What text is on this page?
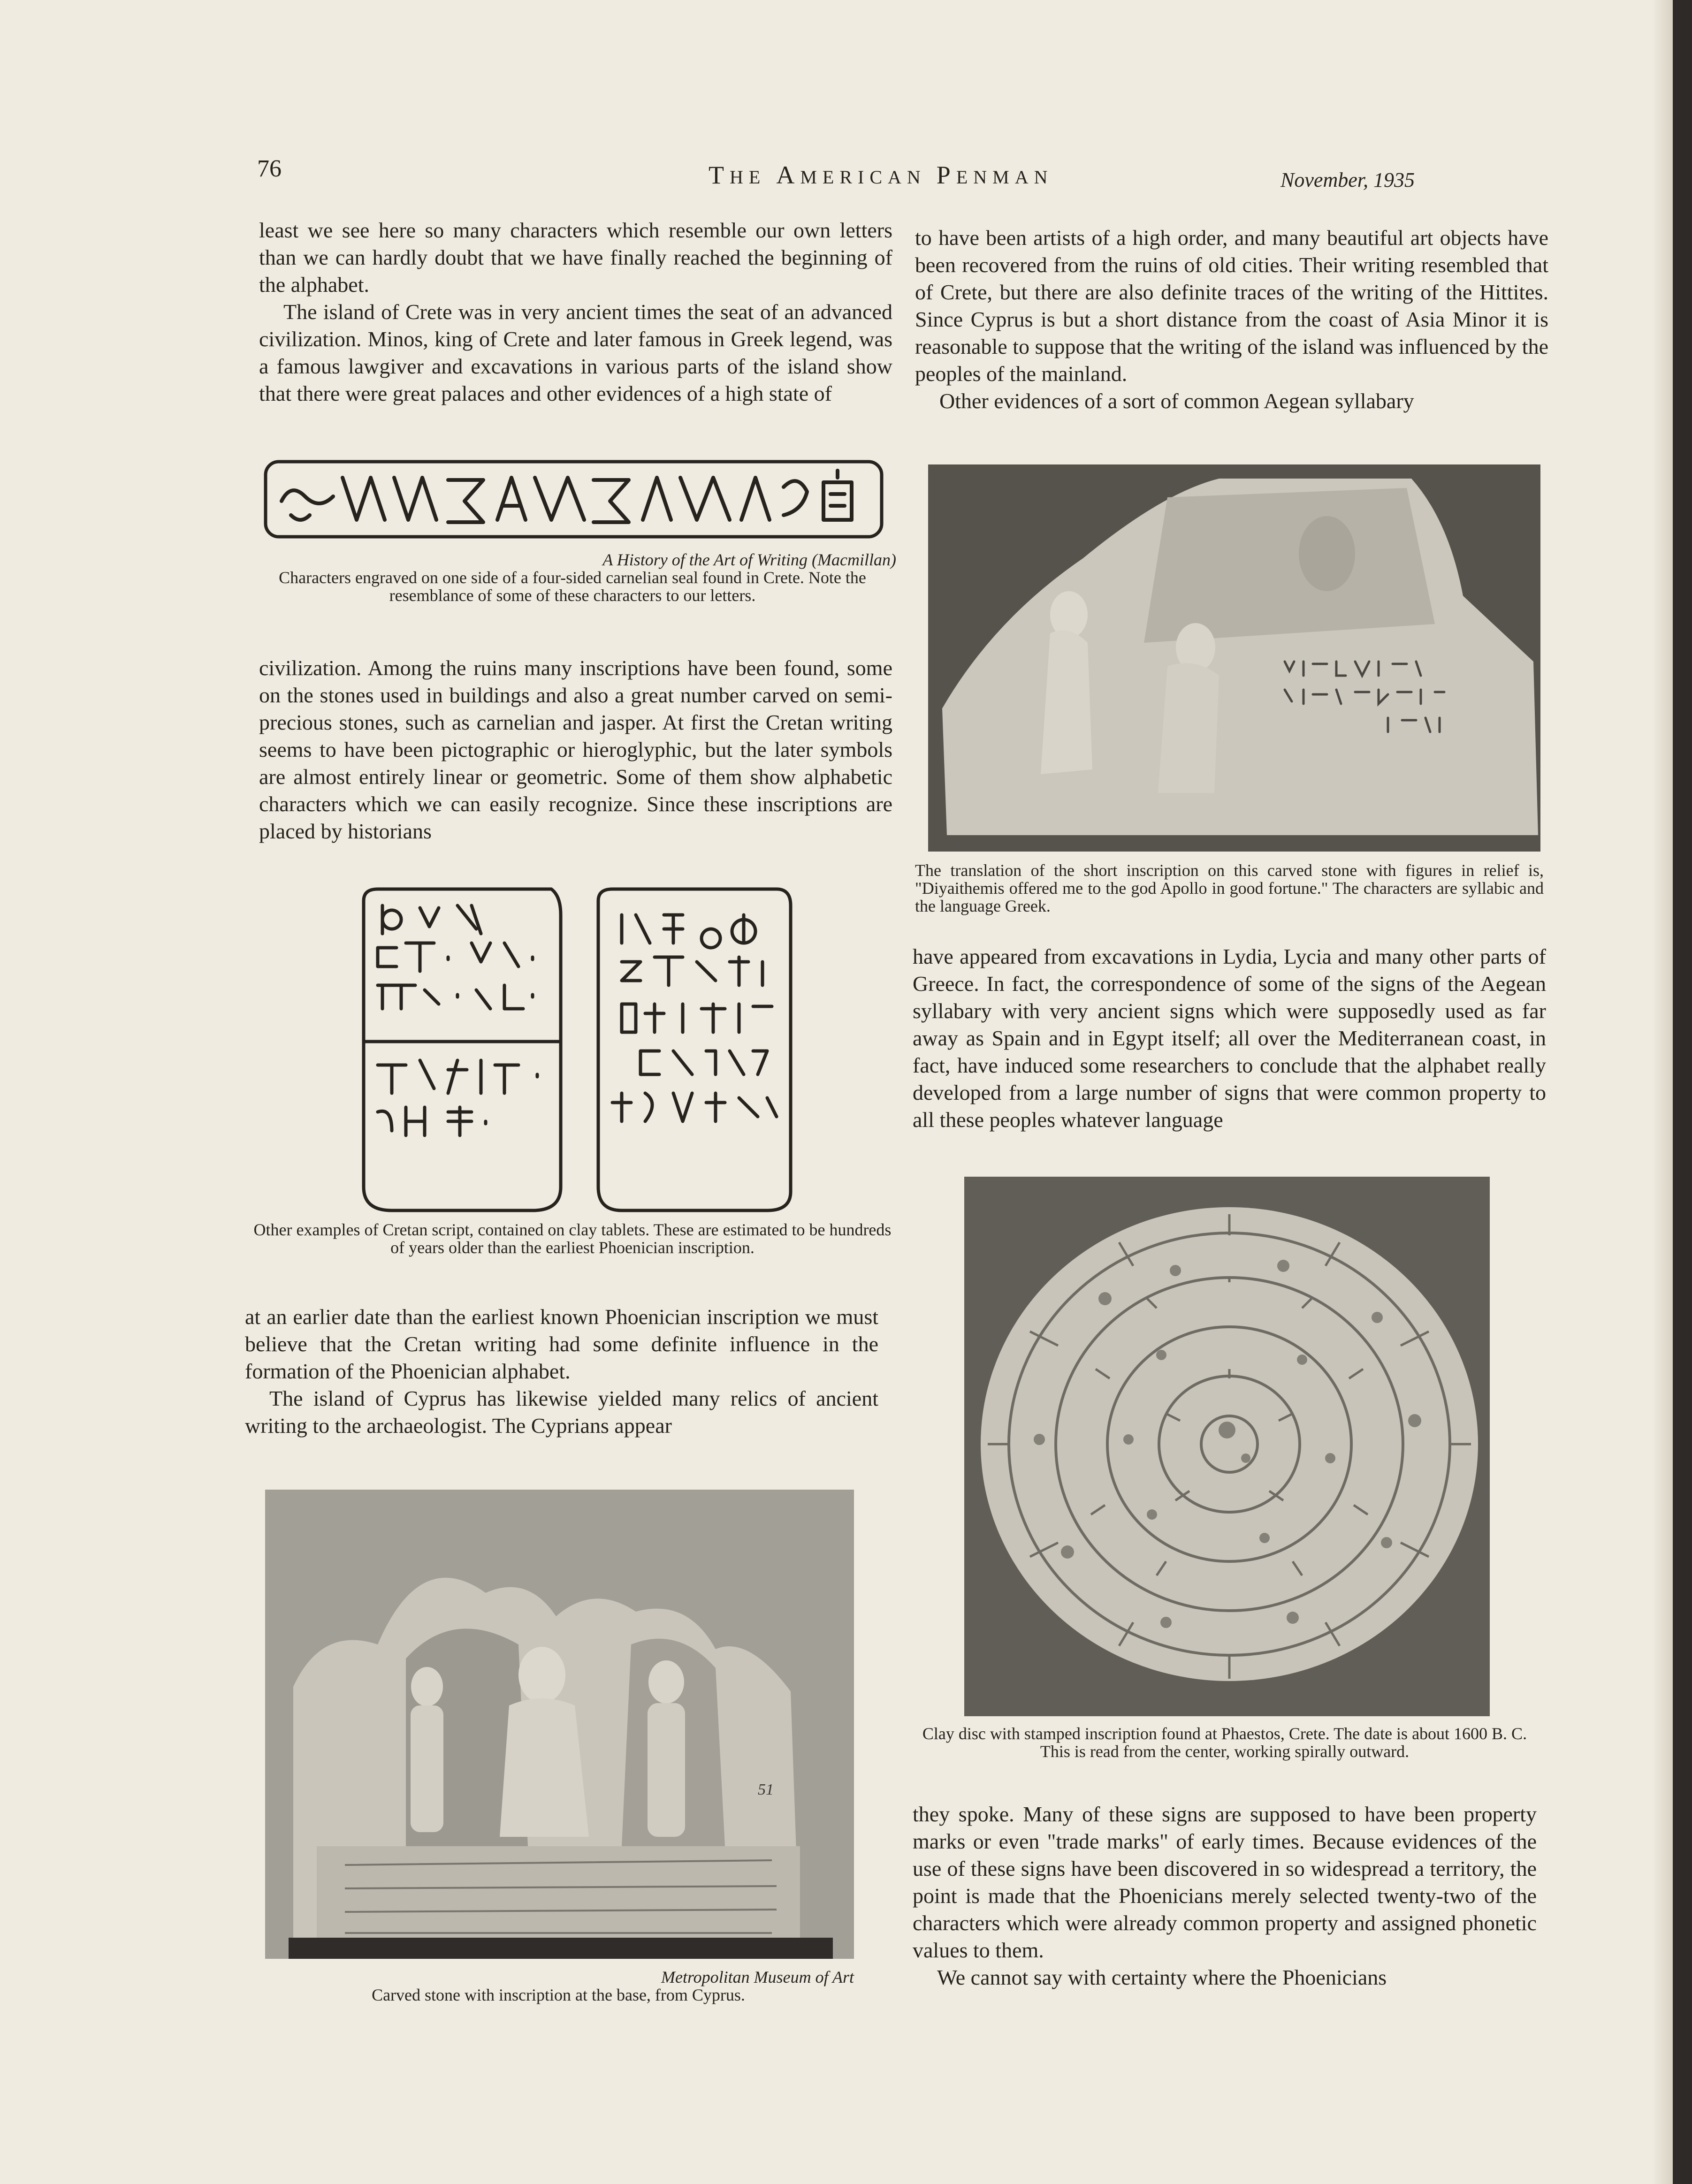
76	THE AMERICAN PENMAN	November, 1935

least we see here so many characters which resemble our own letters than we can hardly doubt that we have finally reached the beginning of the alphabet.

The island of Crete was in very ancient times the seat of an advanced civilization. Minos, king of Crete and later famous in Greek legend, was a famous lawgiver and excavations in various parts of the island show that there were great palaces and other evidences of a high state of

A History of the Art of Writing (Macmillan)
Characters engraved on one side of a four-sided carnelian seal found in Crete. Note the resemblance of some of these characters to our letters.

civilization. Among the ruins many inscriptions have been found, some on the stones used in buildings and also a great number carved on semi-precious stones, such as carnelian and jasper. At first the Cretan writing seems to have been pictographic or hieroglyphic, but the later symbols are almost entirely linear or geometric. Some of them show alphabetic characters which we can easily recognize. Since these inscriptions are placed by historians

Other examples of Cretan script, contained on clay tablets. These are estimated to be hundreds of years older than the earliest Phoenician inscription.

at an earlier date than the earliest known Phoenician inscription we must believe that the Cretan writing had some definite influence in the formation of the Phoenician alphabet.

The island of Cyprus has likewise yielded many relics of ancient writing to the archaeologist. The Cyprians appear

51
Metropolitan Museum of Art
Carved stone with inscription at the base, from Cyprus.

to have been artists of a high order, and many beautiful art objects have been recovered from the ruins of old cities. Their writing resembled that of Crete, but there are also definite traces of the writing of the Hittites. Since Cyprus is but a short distance from the coast of Asia Minor it is reasonable to suppose that the writing of the island was influenced by the peoples of the mainland.

Other evidences of a sort of common Aegean syllabary

The translation of the short inscription on this carved stone with figures in relief is, "Diyaithemis offered me to the god Apollo in good fortune." The characters are syllabic and the language Greek.

have appeared from excavations in Lydia, Lycia and many other parts of Greece. In fact, the correspondence of some of the signs of the Aegean syllabary with very ancient signs which were supposedly used as far away as Spain and in Egypt itself; all over the Mediterranean coast, in fact, have induced some researchers to conclude that the alphabet really developed from a large number of signs that were common property to all these peoples whatever language

Clay disc with stamped inscription found at Phaestos, Crete. The date is about 1600 B. C. This is read from the center, working spirally outward.

they spoke. Many of these signs are supposed to have been property marks or even "trade marks" of early times. Because evidences of the use of these signs have been discovered in so widespread a territory, the point is made that the Phoenicians merely selected twenty-two of the characters which were already common property and assigned phonetic values to them.

We cannot say with certainty where the Phoenicians
